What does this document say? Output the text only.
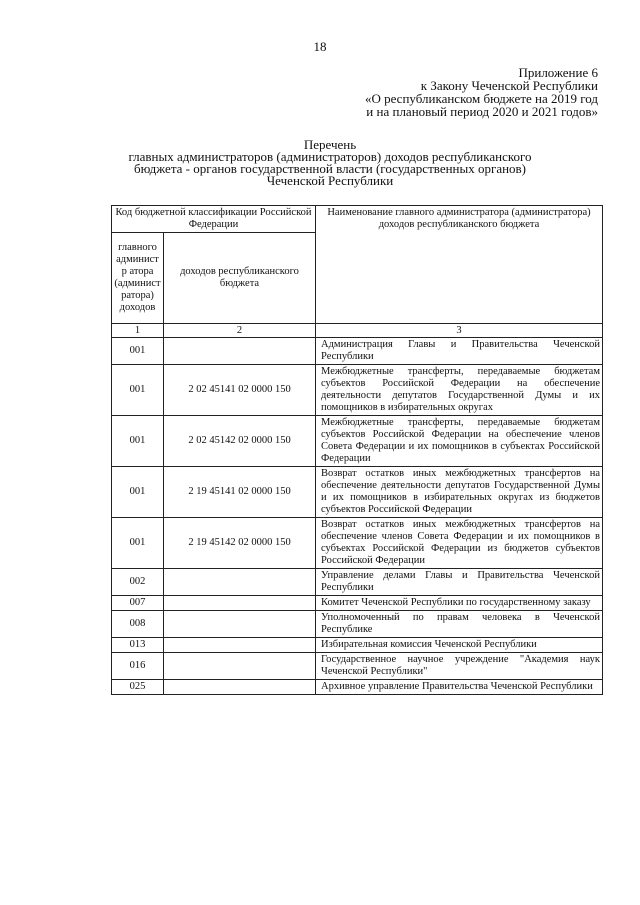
18
Приложение 6
к Закону Чеченской Республики
«О республиканском бюджете на 2019 год
и на плановый период 2020 и 2021 годов»
Перечень
главных администраторов (администраторов) доходов республиканского
бюджета - органов государственной власти (государственных органов)
Чеченской Республики
Код бюджетной классификации Российской Федерации		Наименование главного администратора (администратора) доходов республиканского бюджета
главного администр атора (админист ратора) доходов	доходов республиканского бюджета	
1	2	3
001		Администрация Главы и Правительства Чеченской Республики
001	2 02 45141 02 0000 150	Межбюджетные трансферты, передаваемые бюджетам субъектов Российской Федерации на обеспечение деятельности депутатов Государственной Думы и их помощников в избирательных округах
001	2 02 45142 02 0000 150	Межбюджетные трансферты, передаваемые бюджетам субъектов Российской Федерации на обеспечение членов Совета Федерации и их помощников в субъектах Российской Федерации
001	2 19 45141 02 0000 150	Возврат остатков иных межбюджетных трансфертов на обеспечение деятельности депутатов Государственной Думы и их помощников в избирательных округах из бюджетов субъектов Российской Федерации
001	2 19 45142 02 0000 150	Возврат остатков иных межбюджетных трансфертов на обеспечение членов Совета Федерации и их помощников в субъектах Российской Федерации из бюджетов субъектов Российской Федерации
002		Управление делами Главы и Правительства Чеченской Республики
007		Комитет Чеченской Республики по государственному заказу
008		Уполномоченный по правам человека в Чеченской Республике
013		Избирательная комиссия Чеченской Республики
016		Государственное научное учреждение "Академия наук Чеченской Республики"
025		Архивное управление Правительства Чеченской Республики
